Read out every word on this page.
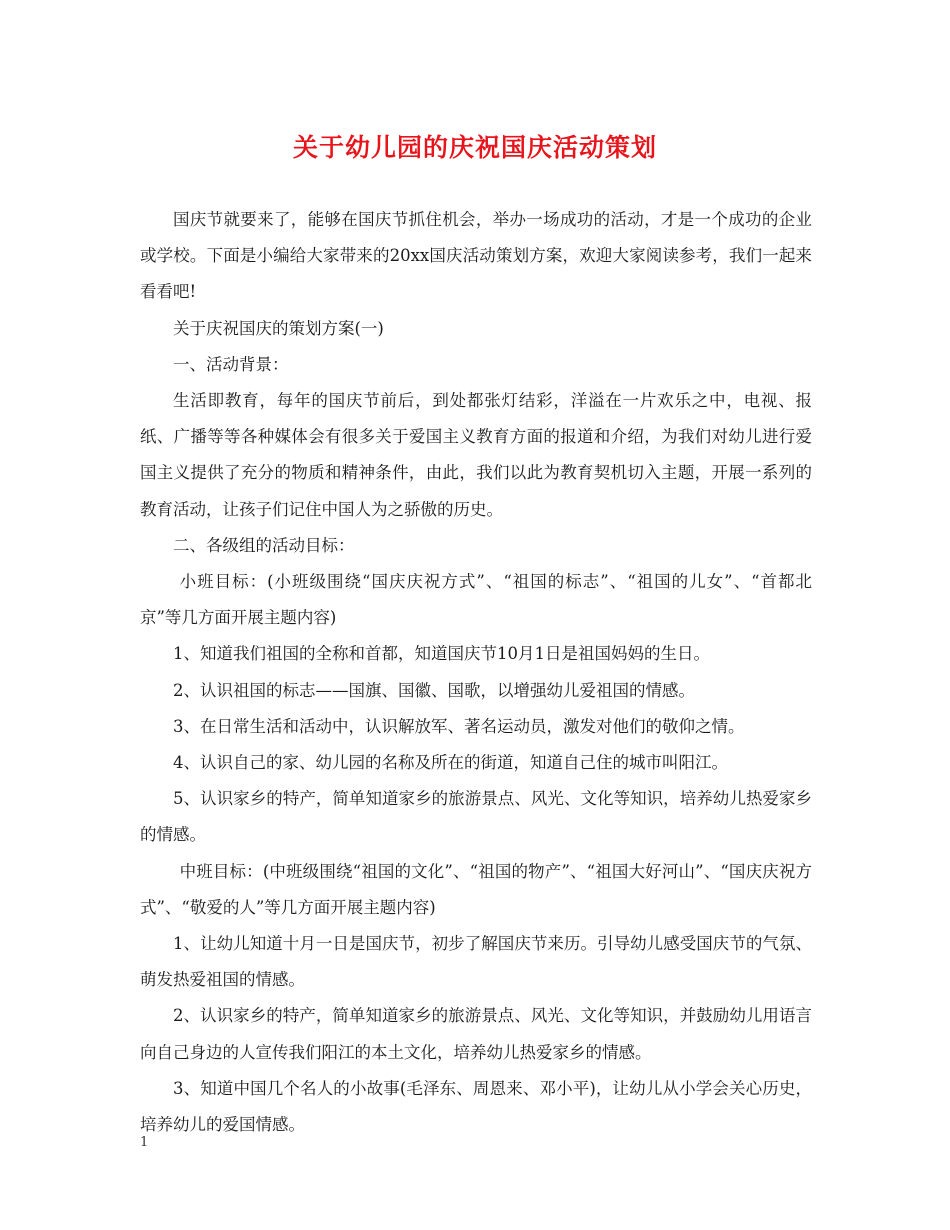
关于幼儿园的庆祝国庆活动策划

国庆节就要来了，能够在国庆节抓住机会，举办一场成功的活动，才是一个成功的企业或学校。下面是小编给大家带来的20xx国庆活动策划方案，欢迎大家阅读参考，我们一起来看看吧!

关于庆祝国庆的策划方案(一)

一、活动背景：

生活即教育，每年的国庆节前后，到处都张灯结彩，洋溢在一片欢乐之中，电视、报纸、广播等等各种媒体会有很多关于爱国主义教育方面的报道和介绍，为我们对幼儿进行爱国主义提供了充分的物质和精神条件，由此，我们以此为教育契机切入主题，开展一系列的教育活动，让孩子们记住中国人为之骄傲的历史。

二、各级组的活动目标：

小班目标：(小班级围绕“国庆庆祝方式”、“祖国的标志”、“祖国的儿女”、“首都北京”等几方面开展主题内容)

1、知道我们祖国的全称和首都，知道国庆节10月1日是祖国妈妈的生日。

2、认识祖国的标志——国旗、国徽、国歌，以增强幼儿爱祖国的情感。

3、在日常生活和活动中，认识解放军、著名运动员，激发对他们的敬仰之情。

4、认识自己的家、幼儿园的名称及所在的街道，知道自己住的城市叫阳江。

5、认识家乡的特产，简单知道家乡的旅游景点、风光、文化等知识，培养幼儿热爱家乡的情感。

中班目标：(中班级围绕“祖国的文化”、“祖国的物产”、“祖国大好河山”、“国庆庆祝方式”、“敬爱的人”等几方面开展主题内容)

1、让幼儿知道十月一日是国庆节，初步了解国庆节来历。引导幼儿感受国庆节的气氛、萌发热爱祖国的情感。

2、认识家乡的特产，简单知道家乡的旅游景点、风光、文化等知识，并鼓励幼儿用语言向自己身边的人宣传我们阳江的本土文化，培养幼儿热爱家乡的情感。

3、知道中国几个名人的小故事(毛泽东、周恩来、邓小平)，让幼儿从小学会关心历史，培养幼儿的爱国情感。

1
